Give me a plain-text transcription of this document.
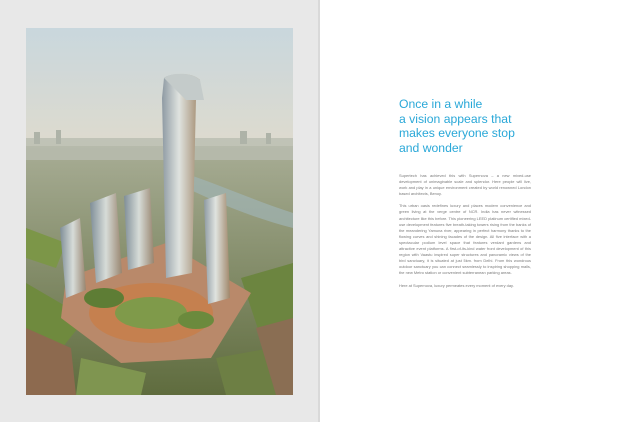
Once in a while
a vision appears that
makes everyone stop
and wonder

Supertech has achieved this with Supernova – a new mixed-use development of unimaginable scale and splendor. Here people will live, work and play in a unique environment created by world renowned London based architects, Benoy.

This urban oasis redefines luxury and places modern convenience and green living at the verge centre of NCR. India has never witnessed architecture like this before. This pioneering LEED platinum certified mixed-use development features five breath-taking towers rising from the banks of the meandering Yamuna river, appearing in perfect harmony thanks to the flowing curves and shining facades of the design. All five interface with a spectacular podium level space that features verdant gardens and attractive event platforms. A first-of-its-kind water front development of this region with Vaastu inspired super structures and panoramic views of the bird sanctuary, it is situated at just 5km. from Delhi. From this wondrous outdoor sanctuary you can connect seamlessly to inspiring shopping malls, the new Metro station or convenient subterranean parking areas.

Here at Supernova, luxury permeates every moment of every day.
